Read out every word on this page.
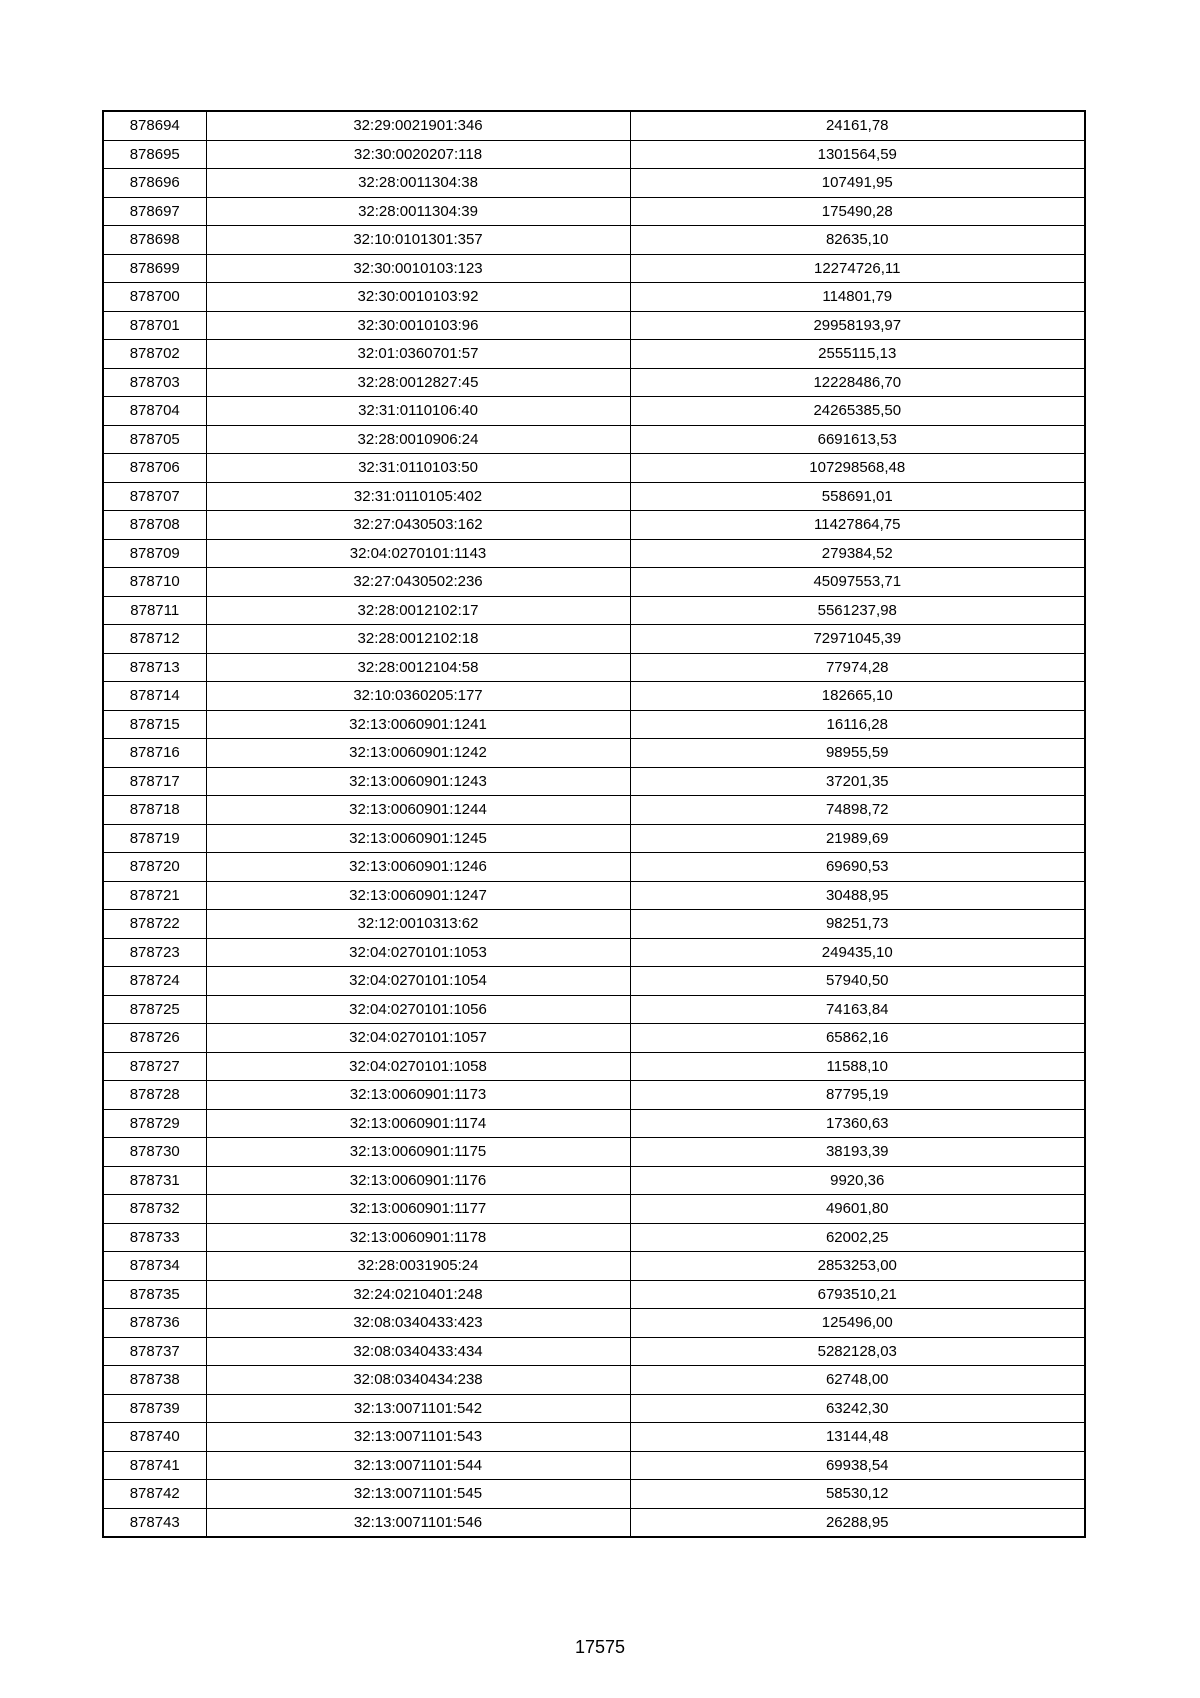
878694	32:29:0021901:346	24161,78
878695	32:30:0020207:118	1301564,59
878696	32:28:0011304:38	107491,95
878697	32:28:0011304:39	175490,28
878698	32:10:0101301:357	82635,10
878699	32:30:0010103:123	12274726,11
878700	32:30:0010103:92	114801,79
878701	32:30:0010103:96	29958193,97
878702	32:01:0360701:57	2555115,13
878703	32:28:0012827:45	12228486,70
878704	32:31:0110106:40	24265385,50
878705	32:28:0010906:24	6691613,53
878706	32:31:0110103:50	107298568,48
878707	32:31:0110105:402	558691,01
878708	32:27:0430503:162	11427864,75
878709	32:04:0270101:1143	279384,52
878710	32:27:0430502:236	45097553,71
878711	32:28:0012102:17	5561237,98
878712	32:28:0012102:18	72971045,39
878713	32:28:0012104:58	77974,28
878714	32:10:0360205:177	182665,10
878715	32:13:0060901:1241	16116,28
878716	32:13:0060901:1242	98955,59
878717	32:13:0060901:1243	37201,35
878718	32:13:0060901:1244	74898,72
878719	32:13:0060901:1245	21989,69
878720	32:13:0060901:1246	69690,53
878721	32:13:0060901:1247	30488,95
878722	32:12:0010313:62	98251,73
878723	32:04:0270101:1053	249435,10
878724	32:04:0270101:1054	57940,50
878725	32:04:0270101:1056	74163,84
878726	32:04:0270101:1057	65862,16
878727	32:04:0270101:1058	11588,10
878728	32:13:0060901:1173	87795,19
878729	32:13:0060901:1174	17360,63
878730	32:13:0060901:1175	38193,39
878731	32:13:0060901:1176	9920,36
878732	32:13:0060901:1177	49601,80
878733	32:13:0060901:1178	62002,25
878734	32:28:0031905:24	2853253,00
878735	32:24:0210401:248	6793510,21
878736	32:08:0340433:423	125496,00
878737	32:08:0340433:434	5282128,03
878738	32:08:0340434:238	62748,00
878739	32:13:0071101:542	63242,30
878740	32:13:0071101:543	13144,48
878741	32:13:0071101:544	69938,54
878742	32:13:0071101:545	58530,12
878743	32:13:0071101:546	26288,95
17575
